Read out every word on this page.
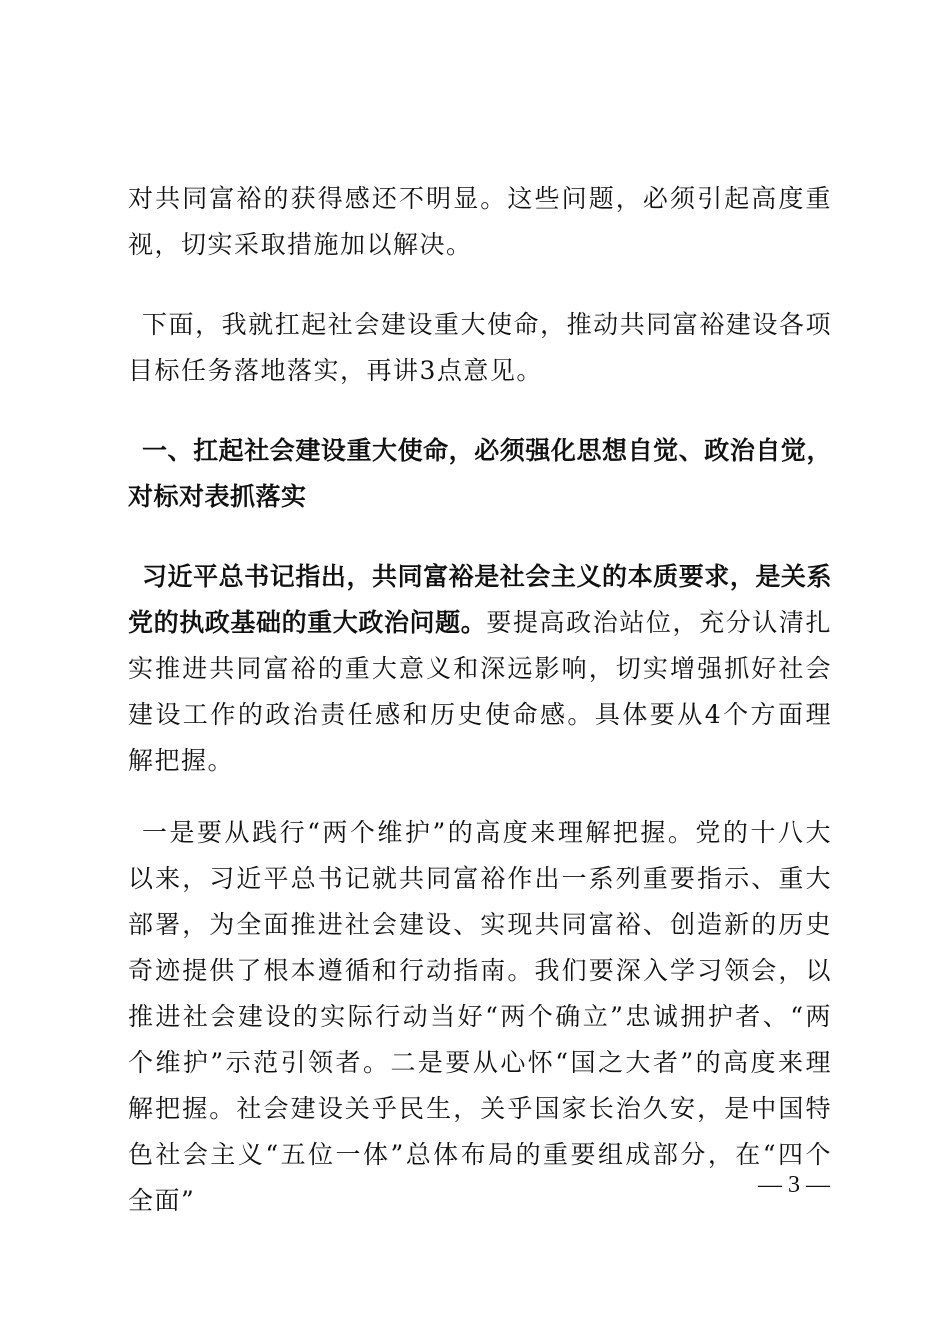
对共同富裕的获得感还不明显。这些问题，必须引起高度重视，切实采取措施加以解决。

下面，我就扛起社会建设重大使命，推动共同富裕建设各项目标任务落地落实，再讲3点意见。

一、扛起社会建设重大使命，必须强化思想自觉、政治自觉，对标对表抓落实

习近平总书记指出，共同富裕是社会主义的本质要求，是关系党的执政基础的重大政治问题。要提高政治站位，充分认清扎实推进共同富裕的重大意义和深远影响，切实增强抓好社会建设工作的政治责任感和历史使命感。具体要从4个方面理解把握。

一是要从践行“两个维护”的高度来理解把握。党的十八大以来，习近平总书记就共同富裕作出一系列重要指示、重大部署，为全面推进社会建设、实现共同富裕、创造新的历史奇迹提供了根本遵循和行动指南。我们要深入学习领会，以推进社会建设的实际行动当好“两个确立”忠诚拥护者、“两个维护”示范引领者。二是要从心怀“国之大者”的高度来理解把握。社会建设关乎民生，关乎国家长治久安，是中国特色社会主义“五位一体”总体布局的重要组成部分，在“四个全面”

— 3 —
